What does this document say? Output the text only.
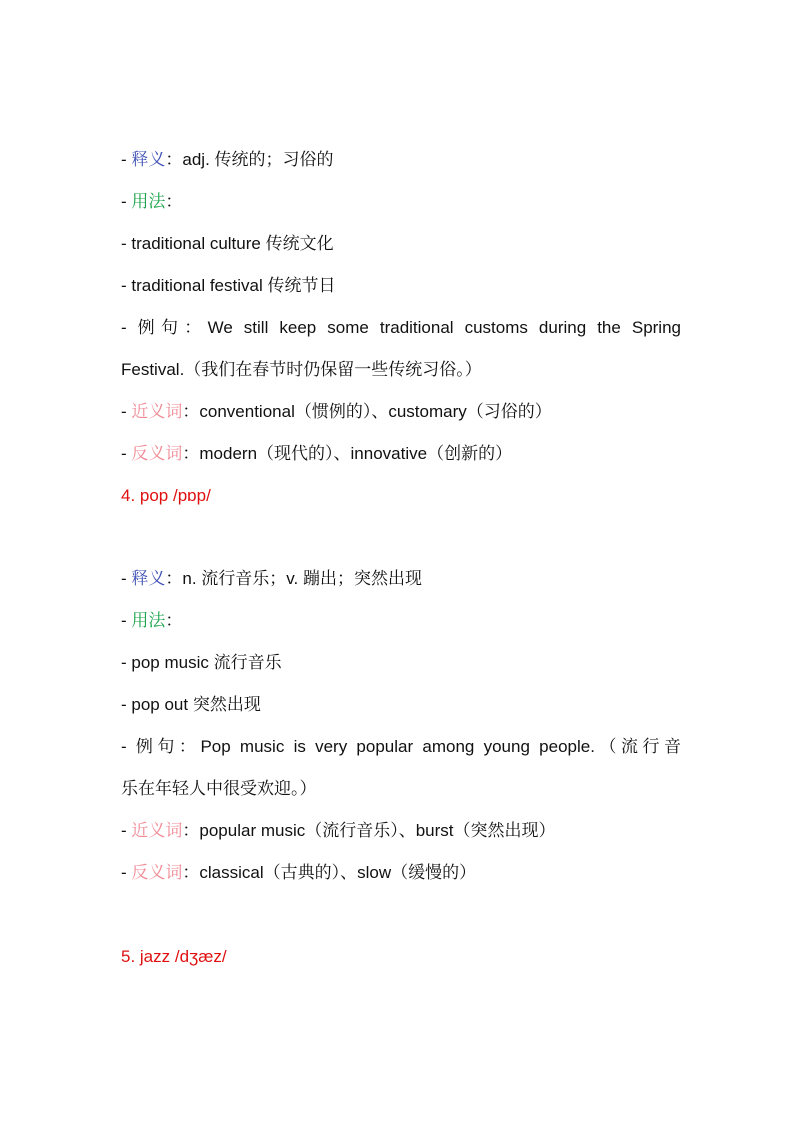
- 释义：adj. 传统的；习俗的
- 用法：
- traditional culture 传统文化
- traditional festival 传统节日
- 例句：We still keep some traditional customs during the Spring
Festival.（我们在春节时仍保留一些传统习俗。）
- 近义词：conventional（惯例的）、customary（习俗的）
- 反义词：modern（现代的）、innovative（创新的）
4. pop /pɒp/
- 释义：n. 流行音乐；v. 蹦出；突然出现
- 用法：
- pop music 流行音乐
- pop out 突然出现
- 例句：Pop music is very popular among young people.（流行音
乐在年轻人中很受欢迎。）
- 近义词：popular music（流行音乐）、burst（突然出现）
- 反义词：classical（古典的）、slow（缓慢的）
5. jazz /dʒæz/
